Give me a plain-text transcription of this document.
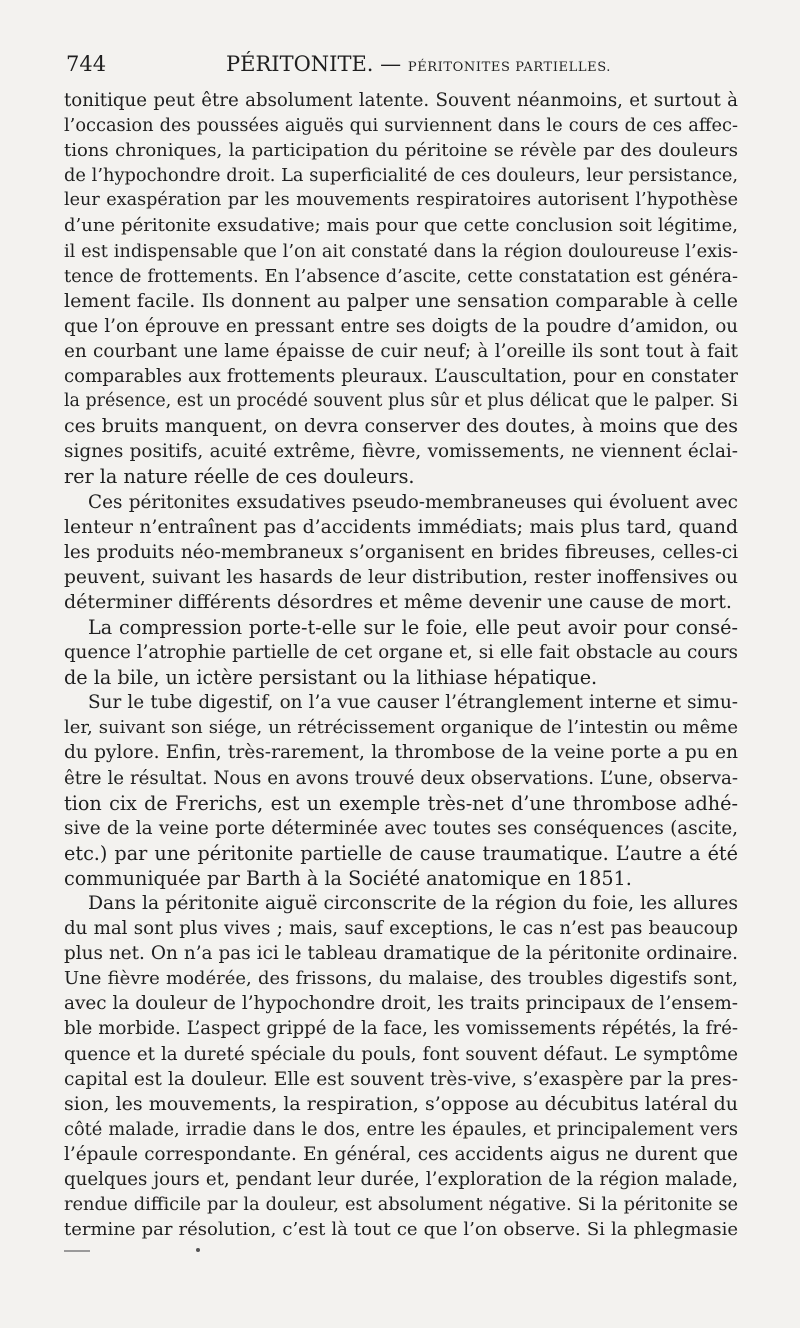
744	PÉRITONITE. — PÉRITONITES PARTIELLES.
tonitique peut être absolument latente. Souvent néanmoins, et surtout à
l’occasion des poussées aiguës qui surviennent dans le cours de ces affec-
tions chroniques, la participation du péritoine se révèle par des douleurs
de l’hypochondre droit. La superficialité de ces douleurs, leur persistance,
leur exaspération par les mouvements respiratoires autorisent l’hypothèse
d’une péritonite exsudative; mais pour que cette conclusion soit légitime,
il est indispensable que l’on ait constaté dans la région douloureuse l’exis-
tence de frottements. En l’absence d’ascite, cette constatation est généra-
lement facile. Ils donnent au palper une sensation comparable à celle
que l’on éprouve en pressant entre ses doigts de la poudre d’amidon, ou
en courbant une lame épaisse de cuir neuf; à l’oreille ils sont tout à fait
comparables aux frottements pleuraux. L’auscultation, pour en constater
la présence, est un procédé souvent plus sûr et plus délicat que le palper. Si
ces bruits manquent, on devra conserver des doutes, à moins que des
signes positifs, acuité extrême, fièvre, vomissements, ne viennent éclai-
rer la nature réelle de ces douleurs.
Ces péritonites exsudatives pseudo-membraneuses qui évoluent avec
lenteur n’entraînent pas d’accidents immédiats; mais plus tard, quand
les produits néo-membraneux s’organisent en brides fibreuses, celles-ci
peuvent, suivant les hasards de leur distribution, rester inoffensives ou
déterminer différents désordres et même devenir une cause de mort.
La compression porte-t-elle sur le foie, elle peut avoir pour consé-
quence l’atrophie partielle de cet organe et, si elle fait obstacle au cours
de la bile, un ictère persistant ou la lithiase hépatique.
Sur le tube digestif, on l’a vue causer l’étranglement interne et simu-
ler, suivant son siége, un rétrécissement organique de l’intestin ou même
du pylore. Enfin, très-rarement, la thrombose de la veine porte a pu en
être le résultat. Nous en avons trouvé deux observations. L’une, observa-
tion cix de Frerichs, est un exemple très-net d’une thrombose adhé-
sive de la veine porte déterminée avec toutes ses conséquences (ascite,
etc.) par une péritonite partielle de cause traumatique. L’autre a été
communiquée par Barth à la Société anatomique en 1851.
Dans la péritonite aiguë circonscrite de la région du foie, les allures
du mal sont plus vives ; mais, sauf exceptions, le cas n’est pas beaucoup
plus net. On n’a pas ici le tableau dramatique de la péritonite ordinaire.
Une fièvre modérée, des frissons, du malaise, des troubles digestifs sont,
avec la douleur de l’hypochondre droit, les traits principaux de l’ensem-
ble morbide. L’aspect grippé de la face, les vomissements répétés, la fré-
quence et la dureté spéciale du pouls, font souvent défaut. Le symptôme
capital est la douleur. Elle est souvent très-vive, s’exaspère par la pres-
sion, les mouvements, la respiration, s’oppose au décubitus latéral du
côté malade, irradie dans le dos, entre les épaules, et principalement vers
l’épaule correspondante. En général, ces accidents aigus ne durent que
quelques jours et, pendant leur durée, l’exploration de la région malade,
rendue difficile par la douleur, est absolument négative. Si la péritonite se
termine par résolution, c’est là tout ce que l’on observe. Si la phlegmasie
